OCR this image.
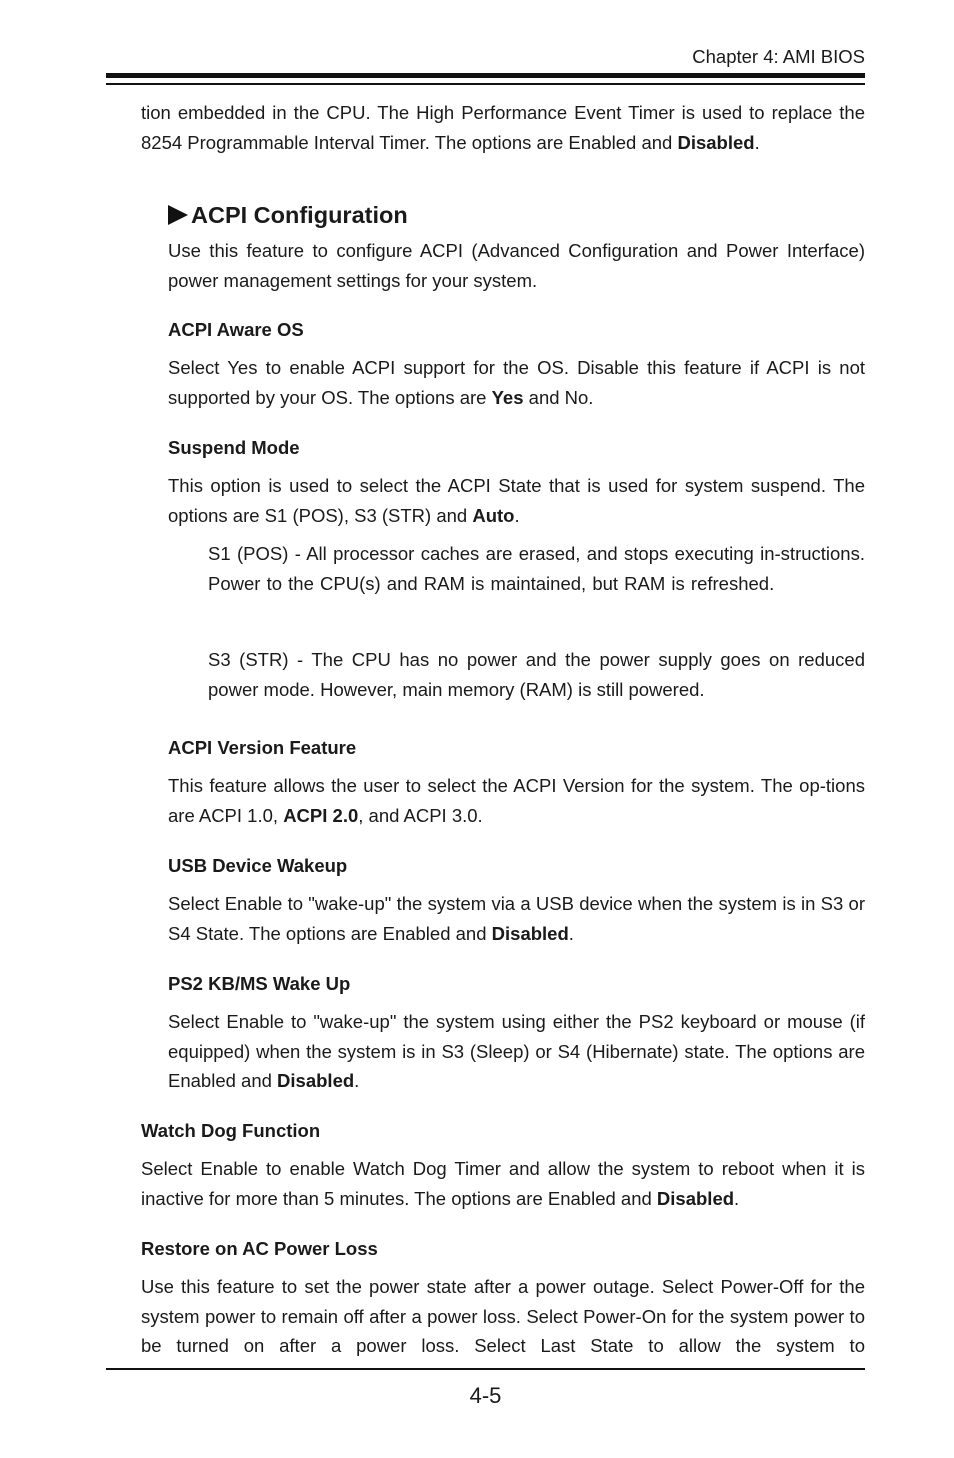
Chapter 4: AMI BIOS

tion embedded in the CPU. The High Performance Event Timer is used to replace the 8254 Programmable Interval Timer. The options are Enabled and Disabled.

ACPI Configuration

Use this feature to configure ACPI (Advanced Configuration and Power Interface) power management settings for your system.

ACPI Aware OS

Select Yes to enable ACPI support for the OS. Disable this feature if ACPI is not supported by your OS. The options are Yes and No.

Suspend Mode

This option is used to select the ACPI State that is used for system suspend. The options are S1 (POS), S3 (STR) and Auto.

S1 (POS) - All processor caches are erased, and stops executing in-structions. Power to the CPU(s) and RAM is maintained, but RAM is refreshed.

S3 (STR) - The CPU has no power and the power supply goes on reduced power mode. However, main memory (RAM) is still powered.

ACPI Version Feature

This feature allows the user to select the ACPI Version for the system. The op-tions are ACPI 1.0, ACPI 2.0, and ACPI 3.0.

USB Device Wakeup

Select Enable to "wake-up" the system via a USB device when the system is in S3 or S4 State. The options are Enabled and Disabled.

PS2 KB/MS Wake Up

Select Enable to "wake-up" the system using either the PS2 keyboard or mouse (if equipped) when the system is in S3 (Sleep) or S4 (Hibernate) state. The options are Enabled and Disabled.

Watch Dog Function

Select Enable to enable Watch Dog Timer and allow the system to reboot when it is inactive for more than 5 minutes. The options are Enabled and Disabled.

Restore on AC Power Loss

Use this feature to set the power state after a power outage. Select Power-Off for the system power to remain off after a power loss. Select Power-On for the system power to be turned on after a power loss. Select Last State to allow the system to

4-5
